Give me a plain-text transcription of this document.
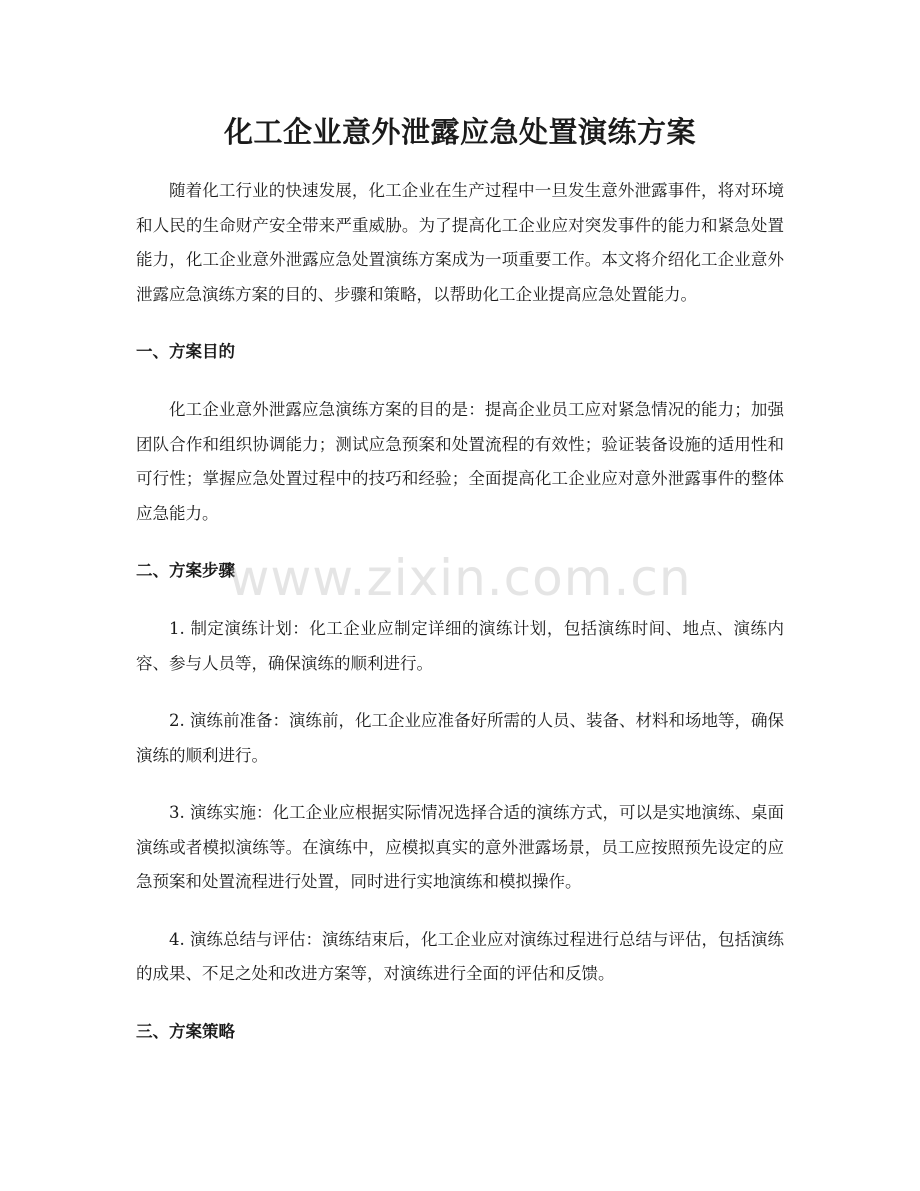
化工企业意外泄露应急处置演练方案

随着化工行业的快速发展，化工企业在生产过程中一旦发生意外泄露事件，将对环境和人民的生命财产安全带来严重威胁。为了提高化工企业应对突发事件的能力和紧急处置能力，化工企业意外泄露应急处置演练方案成为一项重要工作。本文将介绍化工企业意外泄露应急演练方案的目的、步骤和策略，以帮助化工企业提高应急处置能力。

一、方案目的

化工企业意外泄露应急演练方案的目的是：提高企业员工应对紧急情况的能力；加强团队合作和组织协调能力；测试应急预案和处置流程的有效性；验证装备设施的适用性和可行性；掌握应急处置过程中的技巧和经验；全面提高化工企业应对意外泄露事件的整体应急能力。

二、方案步骤

1. 制定演练计划：化工企业应制定详细的演练计划，包括演练时间、地点、演练内容、参与人员等，确保演练的顺利进行。

2. 演练前准备：演练前，化工企业应准备好所需的人员、装备、材料和场地等，确保演练的顺利进行。

3. 演练实施：化工企业应根据实际情况选择合适的演练方式，可以是实地演练、桌面演练或者模拟演练等。在演练中，应模拟真实的意外泄露场景，员工应按照预先设定的应急预案和处置流程进行处置，同时进行实地演练和模拟操作。

4. 演练总结与评估：演练结束后，化工企业应对演练过程进行总结与评估，包括演练的成果、不足之处和改进方案等，对演练进行全面的评估和反馈。

三、方案策略
www.zixin.com.cn
